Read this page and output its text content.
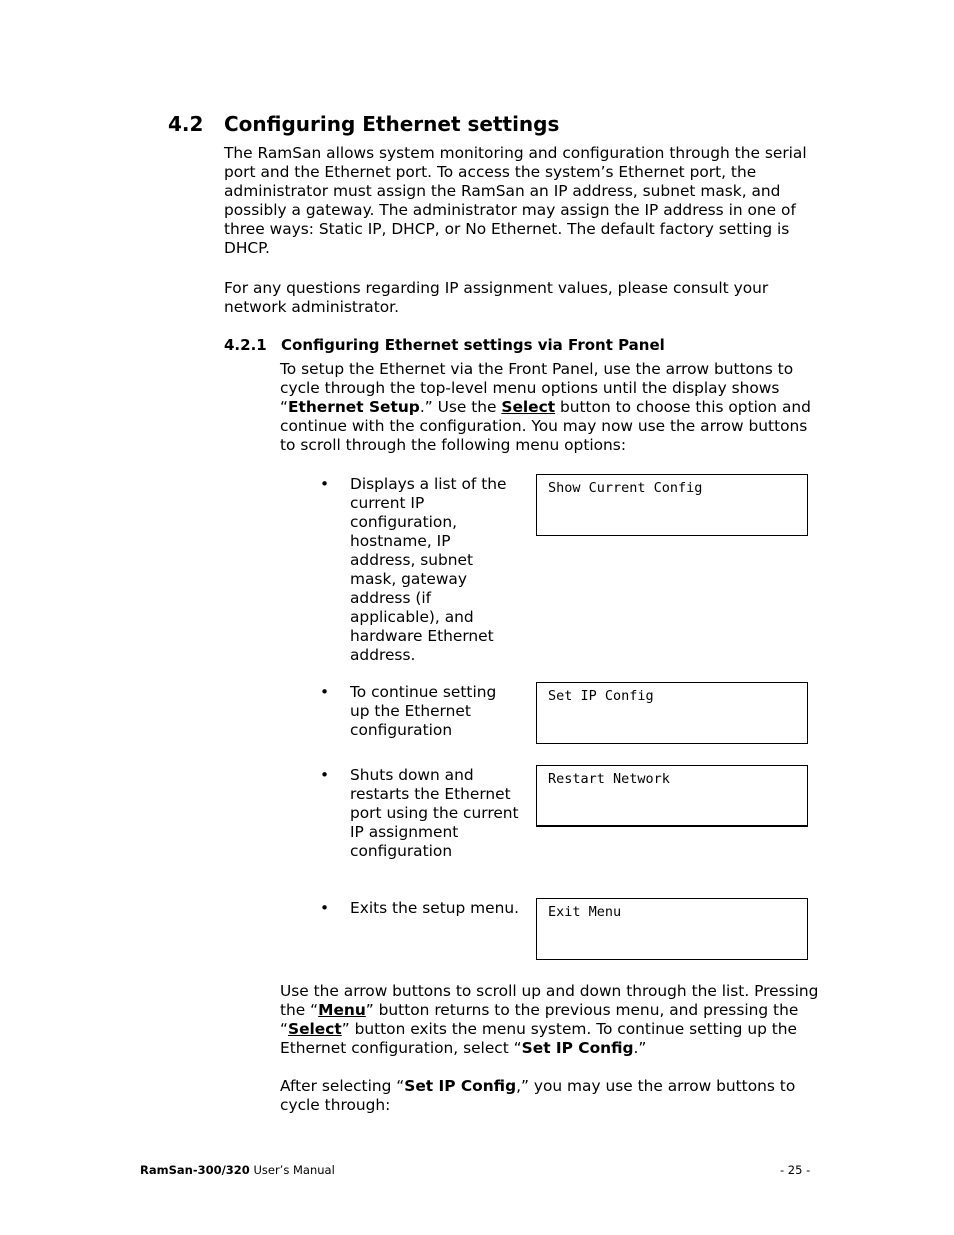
4.2 Configuring Ethernet settings

The RamSan allows system monitoring and configuration through the serial port and the Ethernet port. To access the system’s Ethernet port, the administrator must assign the RamSan an IP address, subnet mask, and possibly a gateway. The administrator may assign the IP address in one of three ways: Static IP, DHCP, or No Ethernet. The default factory setting is DHCP.

For any questions regarding IP assignment values, please consult your network administrator.

4.2.1 Configuring Ethernet settings via Front Panel

To setup the Ethernet via the Front Panel, use the arrow buttons to cycle through the top-level menu options until the display shows “Ethernet Setup.” Use the Select button to choose this option and continue with the configuration. You may now use the arrow buttons to scroll through the following menu options:

•	Displays a list of the current IP configuration, hostname, IP address, subnet mask, gateway address (if applicable), and hardware Ethernet address.
Show Current Config
•	To continue setting up the Ethernet configuration
Set IP Config
•	Shuts down and restarts the Ethernet port using the current IP assignment configuration
Restart Network
•	Exits the setup menu.	Exit Menu

Use the arrow buttons to scroll up and down through the list. Pressing the “Menu” button returns to the previous menu, and pressing the “Select” button exits the menu system. To continue setting up the Ethernet configuration, select “Set IP Config.”

After selecting “Set IP Config,” you may use the arrow buttons to cycle through:

RamSan-300/320 User’s Manual	- 25 -
